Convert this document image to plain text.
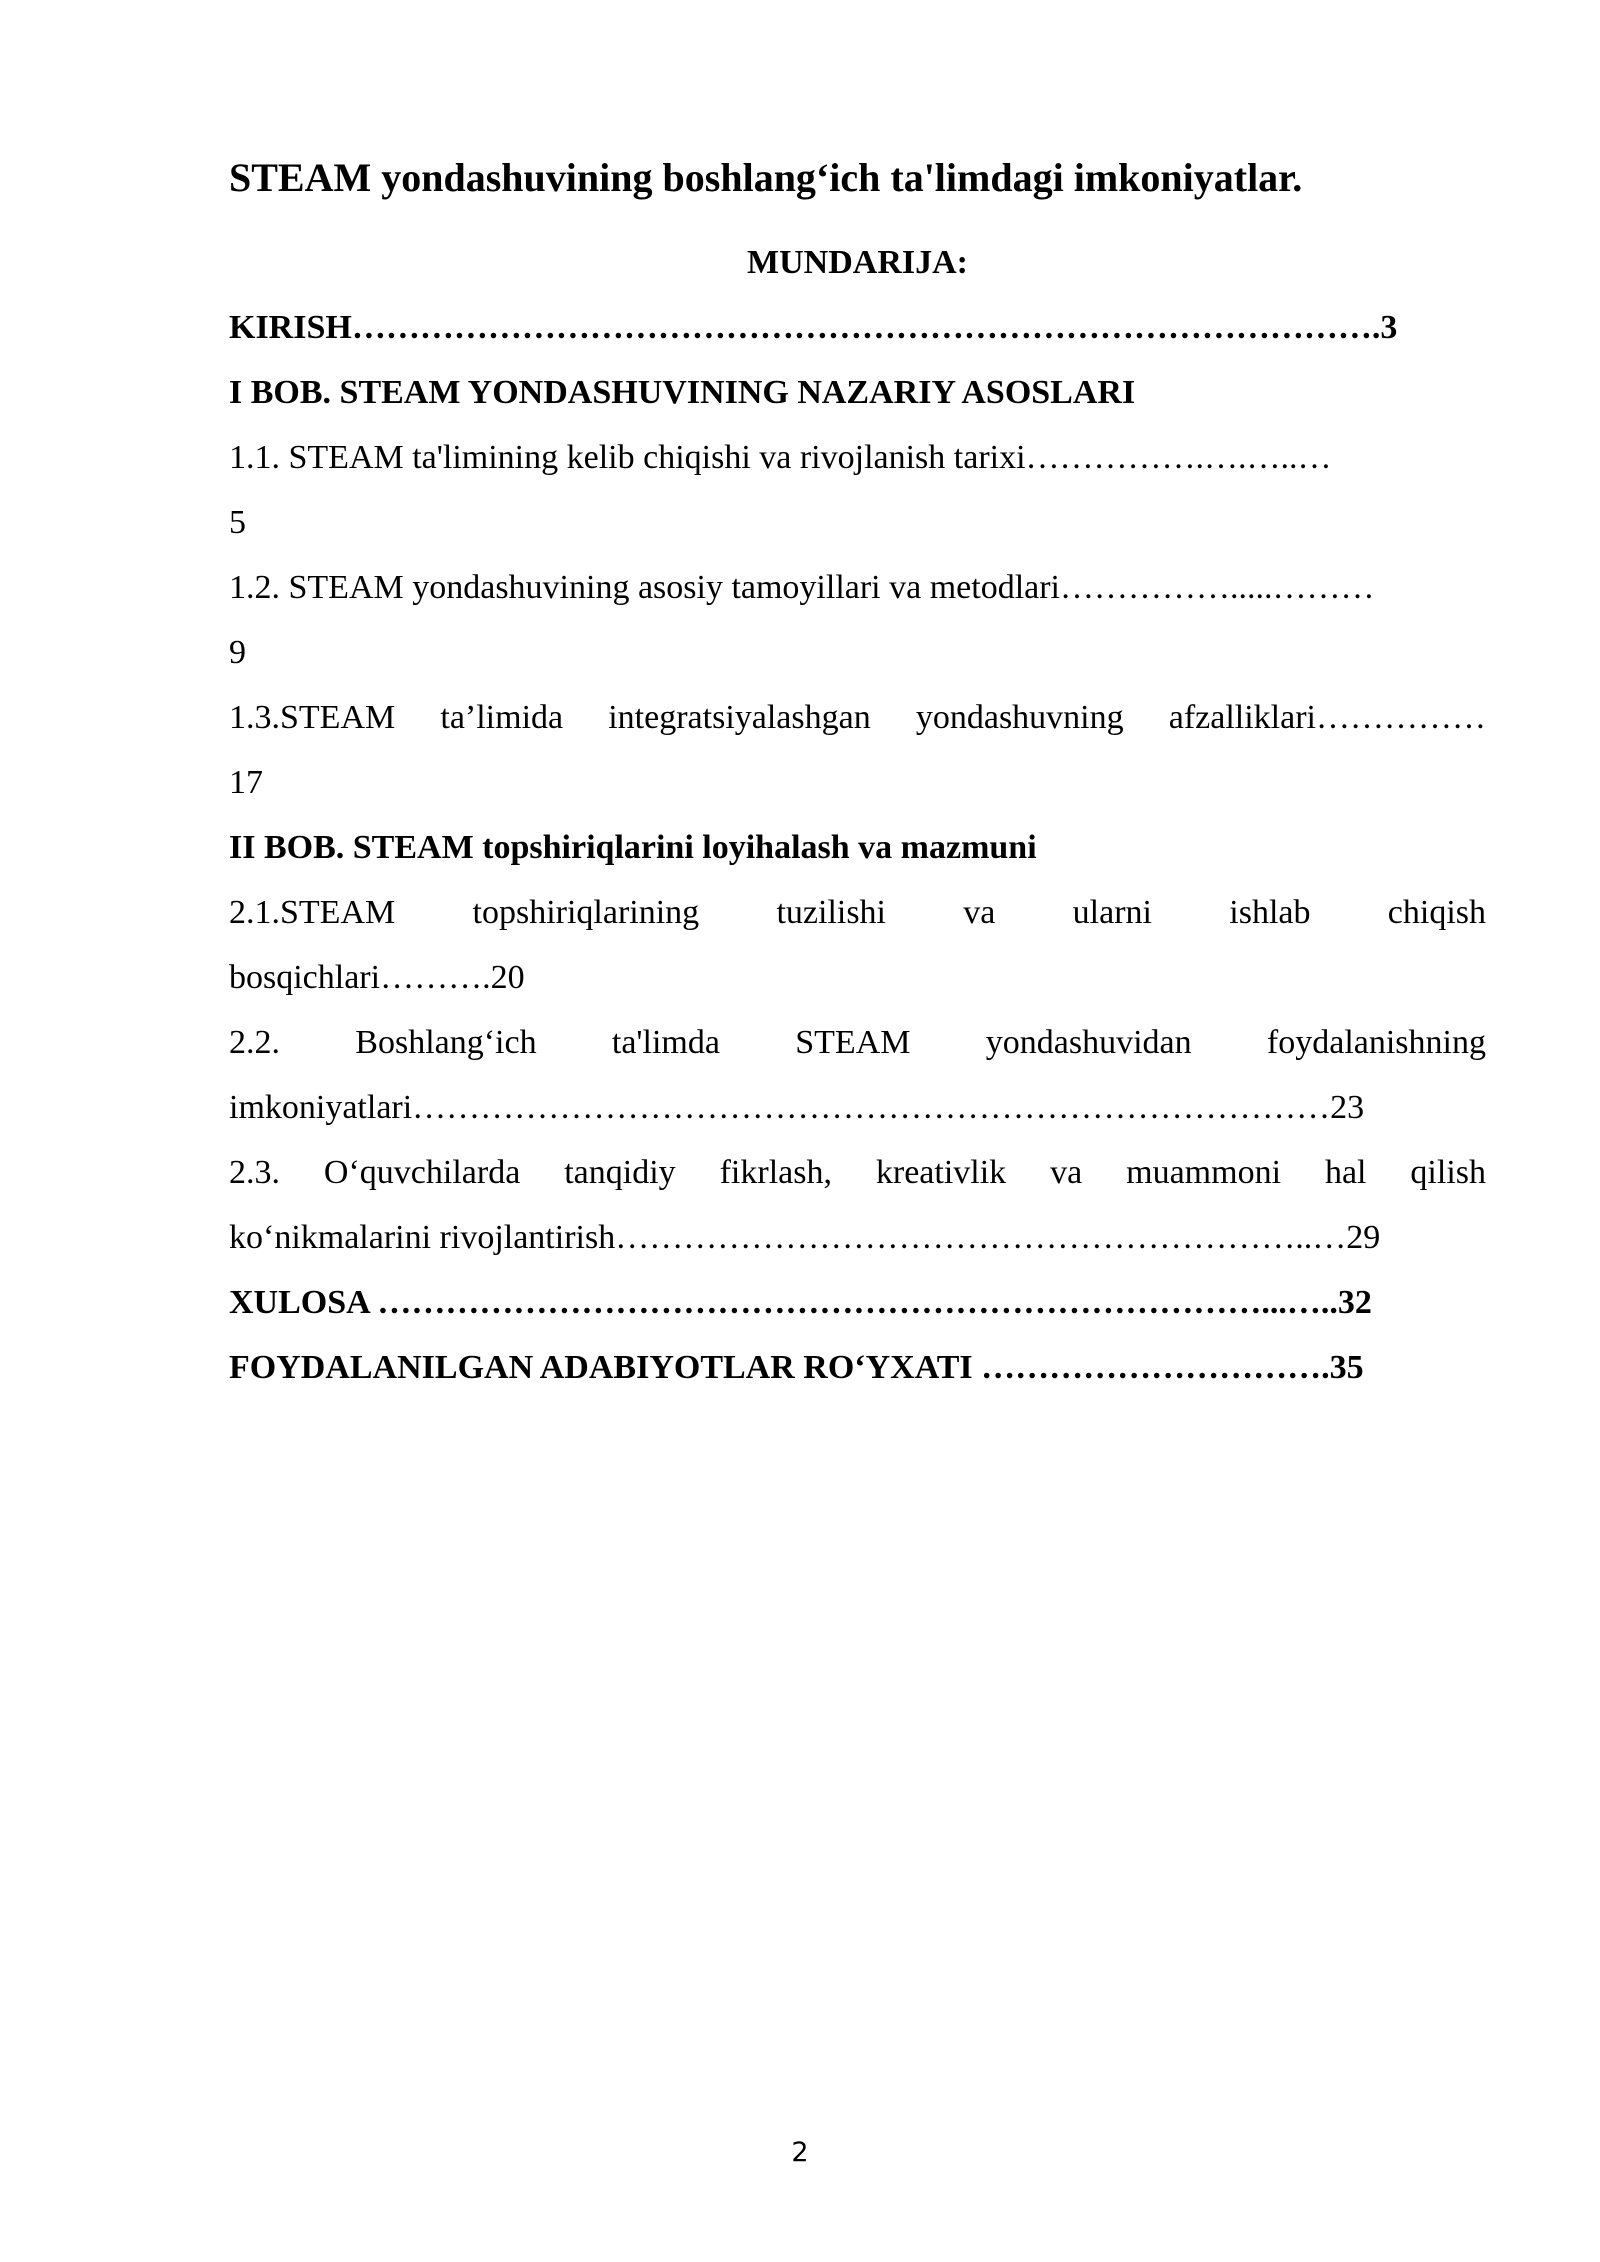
STEAM yondashuvining boshlang‘ich ta'limdagi imkoniyatlar.
MUNDARIJA:

KIRISH……………………………………………………………………………….3

I BOB. STEAM YONDASHUVINING NAZARIY ASOSLARI

1.1. STEAM ta'limining kelib chiqishi va rivojlanish tarixi…………….….…..…
5
1.2. STEAM yondashuvining asosiy tamoyillari va metodlari…………….....………
9
1.3.STEAM ta’limida integratsiyalashgan yondashuvning afzalliklari……………
17

II BOB. STEAM topshiriqlarini loyihalash va mazmuni

2.1.STEAM topshiriqlarining tuzilishi va ularni ishlab chiqish
bosqichlari……….20
2.2. Boshlang‘ich ta'limda STEAM yondashuvidan foydalanishning
imkoniyatlari………………………………………………………………………23
2.3. O‘quvchilarda tanqidiy fikrlash, kreativlik va muammoni hal qilish
ko‘nikmalarini rivojlantirish……………………………………………………..…29

XULOSA ……………………………………………………………………...…..32

FOYDALANILGAN ADABIYOTLAR RO‘YXATI ………………………….35

2
